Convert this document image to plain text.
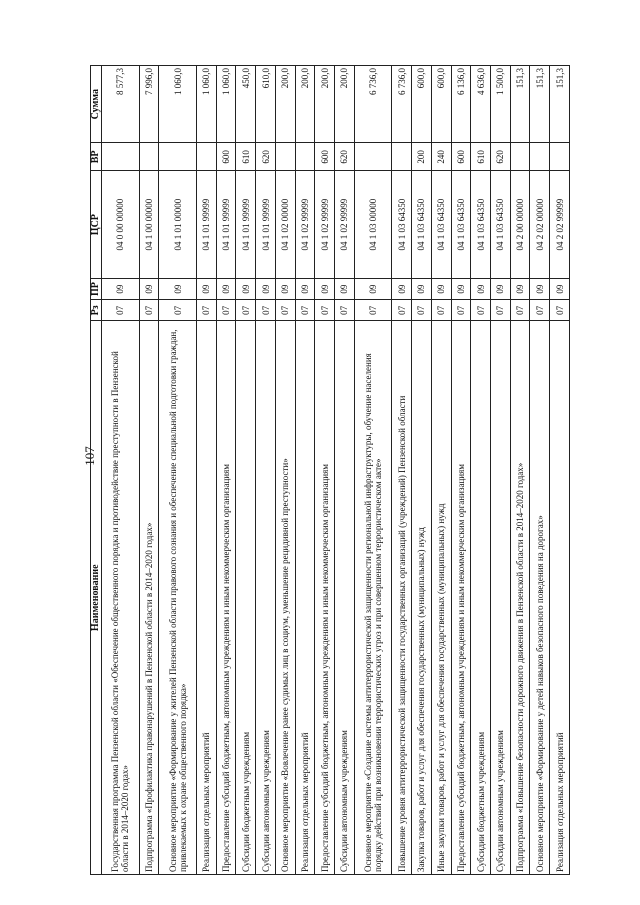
107
Наименование	Рз	ПР	ЦСР	ВР	Сумма
Государственная программа Пензенской области «Обеспечение общественного порядка и противодействие преступности в Пензенской области в 2014–2020 годах»	07	09	04 0 00 00000		8 577,3
Подпрограмма «Профилактика правонарушений в Пензенской области в 2014–2020 годах»	07	09	04 1 00 00000		7 996,0
Основное мероприятие «Формирование у жителей Пензенской области правового сознания и обеспечение специальной подготовки граждан, привлекаемых к охране общественного порядка»	07	09	04 1 01 00000		1 060,0
Реализация отдельных мероприятий	07	09	04 1 01 99999		1 060,0
Предоставление субсидий бюджетным, автономным учреждениям и иным некоммерческим организациям	07	09	04 1 01 99999	600	1 060,0
Субсидии бюджетным учреждениям	07	09	04 1 01 99999	610	450,0
Субсидии автономным учреждениям	07	09	04 1 01 99999	620	610,0
Основное мероприятие «Вовлечение ранее судимых лиц в социум, уменьшение рецидивной преступности»	07	09	04 1 02 00000		200,0
Реализация отдельных мероприятий	07	09	04 1 02 99999		200,0
Предоставление субсидий бюджетным, автономным учреждениям и иным некоммерческим организациям	07	09	04 1 02 99999	600	200,0
Субсидии автономным учреждениям	07	09	04 1 02 99999	620	200,0
Основное мероприятие «Создание системы антитеррористической защищенности региональной инфраструктуры, обучение населения порядку действий при возникновении террористических угроз и при совершенном террористическом акте»	07	09	04 1 03 00000		6 736,0
Повышение уровня антитеррористической защищенности государственных организаций (учреждений) Пензенской области	07	09	04 1 03 64350		6 736,0
Закупка товаров, работ и услуг для обеспечения государственных (муниципальных) нужд	07	09	04 1 03 64350	200	600,0
Иные закупки товаров, работ и услуг для обеспечения государственных (муниципальных) нужд	07	09	04 1 03 64350	240	600,0
Предоставление субсидий бюджетным, автономным учреждениям и иным некоммерческим организациям	07	09	04 1 03 64350	600	6 136,0
Субсидии бюджетным учреждениям	07	09	04 1 03 64350	610	4 636,0
Субсидии автономным учреждениям	07	09	04 1 03 64350	620	1 500,0
Подпрограмма «Повышение безопасности дорожного движения в Пензенской области в 2014–2020 годах»	07	09	04 2 00 00000		151,3
Основное мероприятие «Формирование у детей навыков безопасного поведения на дорогах»	07	09	04 2 02 00000		151,3
Реализация отдельных мероприятий	07	09	04 2 02 99999		151,3
